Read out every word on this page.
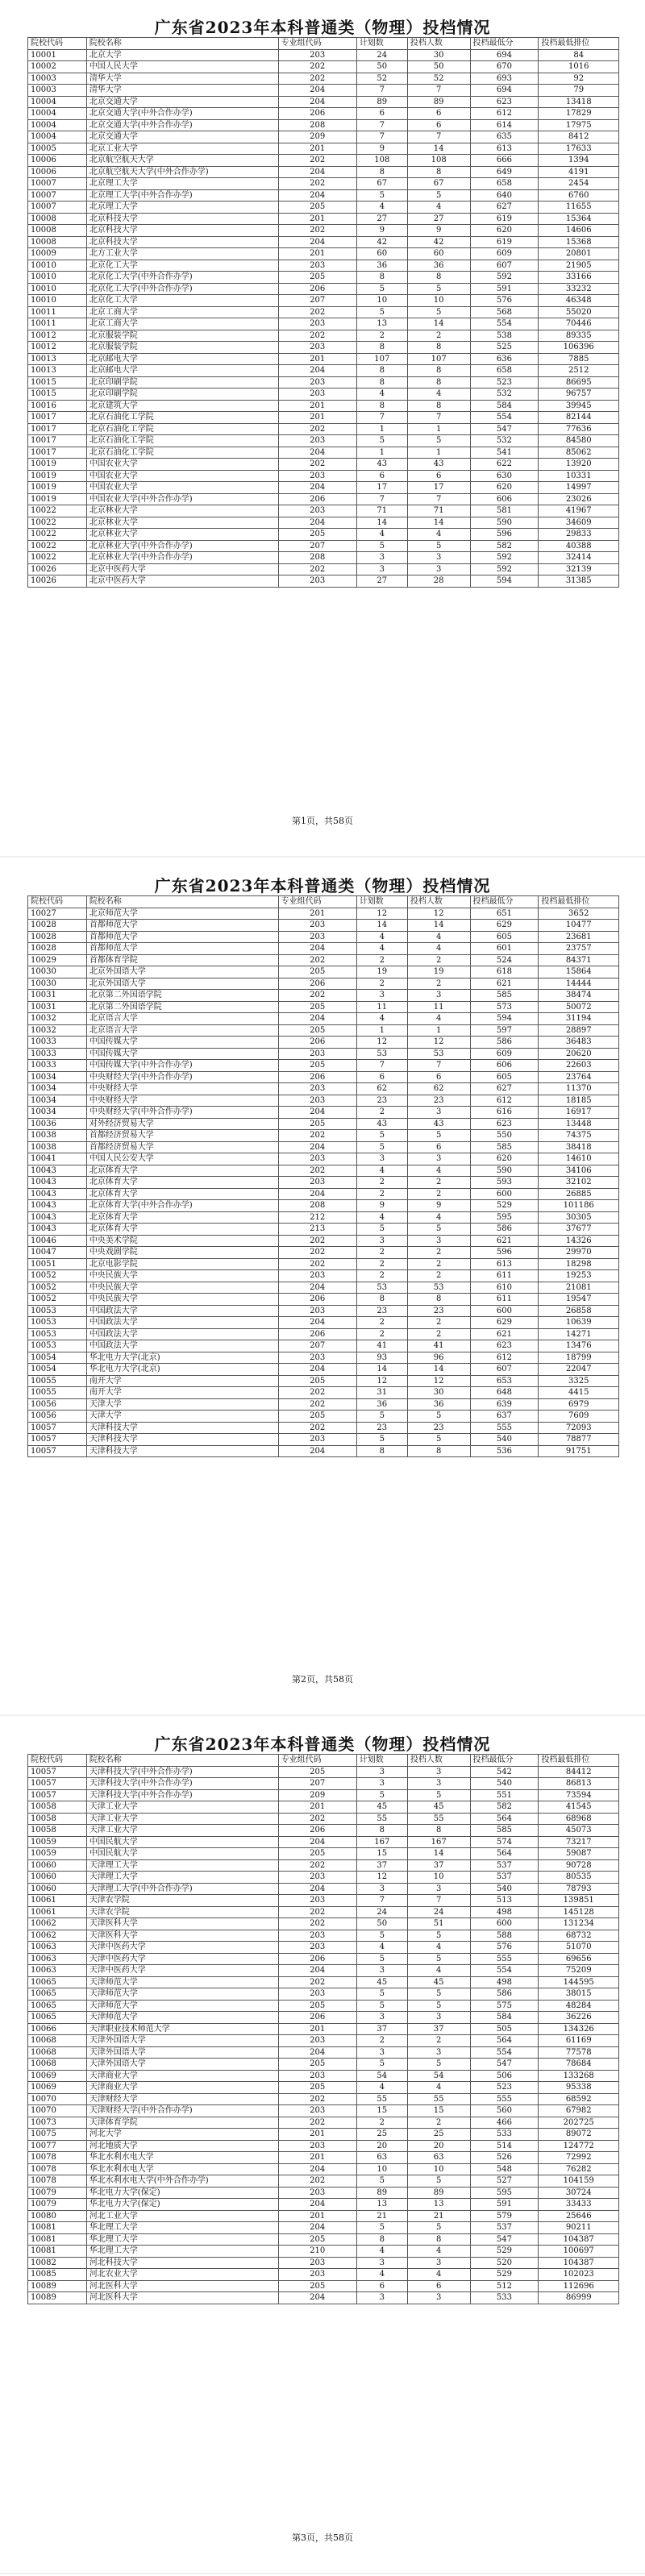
广东省2023年本科普通类（物理）投档情况
院校代码	院校名称	专业组代码	计划数	投档人数	投档最低分	投档最低排位
10001	北京大学	203	24	30	694	84
10002	中国人民大学	202	50	50	670	1016
10003	清华大学	202	52	52	693	92
10003	清华大学	204	7	7	694	79
10004	北京交通大学	204	89	89	623	13418
10004	北京交通大学(中外合作办学)	206	6	6	612	17829
10004	北京交通大学(中外合作办学)	208	7	6	614	17975
10004	北京交通大学	209	7	7	635	8412
10005	北京工业大学	201	9	14	613	17633
10006	北京航空航天大学	202	108	108	666	1394
10006	北京航空航天大学(中外合作办学)	204	8	8	649	4191
10007	北京理工大学	202	67	67	658	2454
10007	北京理工大学(中外合作办学)	204	5	5	640	6760
10007	北京理工大学	205	4	4	627	11655
10008	北京科技大学	201	27	27	619	15364
10008	北京科技大学	202	9	9	620	14606
10008	北京科技大学	204	42	42	619	15368
10009	北方工业大学	201	60	60	609	20801
10010	北京化工大学	203	36	36	607	21905
10010	北京化工大学(中外合作办学)	205	8	8	592	33166
10010	北京化工大学(中外合作办学)	206	5	5	591	33232
10010	北京化工大学	207	10	10	576	46348
10011	北京工商大学	202	5	5	568	55020
10011	北京工商大学	203	13	14	554	70446
10012	北京服装学院	202	2	2	538	89335
10012	北京服装学院	203	8	8	525	106396
10013	北京邮电大学	201	107	107	636	7885
10013	北京邮电大学	204	8	8	658	2512
10015	北京印刷学院	203	8	8	523	86695
10015	北京印刷学院	203	4	4	532	96757
10016	北京建筑大学	201	8	8	584	39945
10017	北京石油化工学院	201	7	7	554	82144
10017	北京石油化工学院	202	1	1	547	77636
10017	北京石油化工学院	203	5	5	532	84580
10017	北京石油化工学院	204	1	1	541	85062
10019	中国农业大学	202	43	43	622	13920
10019	中国农业大学	203	6	6	630	10331
10019	中国农业大学	204	17	17	620	14997
10019	中国农业大学(中外合作办学)	206	7	7	606	23026
10022	北京林业大学	203	71	71	581	41967
10022	北京林业大学	204	14	14	590	34609
10022	北京林业大学	205	4	4	596	29833
10022	北京林业大学(中外合作办学)	207	5	5	582	40388
10022	北京林业大学(中外合作办学)	208	3	3	592	32414
10026	北京中医药大学	202	3	3	592	32139
10026	北京中医药大学	203	27	28	594	31385
第1页，共58页
广东省2023年本科普通类（物理）投档情况
院校代码	院校名称	专业组代码	计划数	投档人数	投档最低分	投档最低排位
10027	北京师范大学	201	12	12	651	3652
10028	首都师范大学	203	14	14	629	10477
10028	首都师范大学	203	4	4	605	23681
10028	首都师范大学	204	4	4	601	23757
10029	首都体育学院	202	2	2	524	84371
10030	北京外国语大学	205	19	19	618	15864
10030	北京外国语大学	206	2	2	621	14444
10031	北京第二外国语学院	202	3	3	585	38474
10031	北京第二外国语学院	205	11	11	573	50072
10032	北京语言大学	204	4	4	594	31194
10032	北京语言大学	205	1	1	597	28897
10033	中国传媒大学	206	12	12	586	36483
10033	中国传媒大学	203	53	53	609	20620
10033	中国传媒大学(中外合作办学)	205	7	7	606	22603
10034	中央财经大学(中外合作办学)	206	6	6	605	23764
10034	中央财经大学	203	62	62	627	11370
10034	中央财经大学	203	23	23	612	18185
10034	中央财经大学(中外合作办学)	204	2	3	616	16917
10036	对外经济贸易大学	205	43	43	623	13448
10038	首都经济贸易大学	202	5	5	550	74375
10038	首都经济贸易大学	204	5	6	585	38418
10041	中国人民公安大学	203	3	3	620	14610
10043	北京体育大学	202	4	4	590	34106
10043	北京体育大学	203	2	2	593	32102
10043	北京体育大学	204	2	2	600	26885
10043	北京体育大学(中外合作办学)	208	9	9	529	101186
10043	北京体育大学	212	4	4	595	30305
10043	北京体育大学	213	5	5	586	37677
10046	中央美术学院	202	3	3	621	14326
10047	中央戏剧学院	202	2	2	596	29970
10051	北京电影学院	202	2	2	613	18298
10052	中央民族大学	203	2	2	611	19253
10052	中央民族大学	204	53	53	610	21081
10052	中央民族大学	206	8	8	611	19547
10053	中国政法大学	203	23	23	600	26858
10053	中国政法大学	204	2	2	629	10639
10053	中国政法大学	206	2	2	621	14271
10053	中国政法大学	207	41	41	623	13476
10054	华北电力大学(北京)	203	93	96	612	18799
10054	华北电力大学(北京)	204	14	14	607	22047
10055	南开大学	205	12	12	653	3325
10055	南开大学	202	31	30	648	4415
10056	天津大学	202	36	36	639	6979
10056	天津大学	205	5	5	637	7609
10057	天津科技大学	202	23	23	555	72093
10057	天津科技大学	203	5	5	540	78877
10057	天津科技大学	204	8	8	536	91751
第2页，共58页
广东省2023年本科普通类（物理）投档情况
院校代码	院校名称	专业组代码	计划数	投档人数	投档最低分	投档最低排位
10057	天津科技大学(中外合作办学)	205	3	3	542	84412
10057	天津科技大学(中外合作办学)	207	3	3	540	86813
10057	天津科技大学(中外合作办学)	209	5	5	551	73594
10058	天津工业大学	201	45	45	582	41545
10058	天津工业大学	202	55	55	564	68968
10058	天津工业大学	206	8	8	585	45073
10059	中国民航大学	204	167	167	574	73217
10059	中国民航大学	205	15	14	564	59087
10060	天津理工大学	202	37	37	537	90728
10060	天津理工大学	203	12	10	537	80535
10060	天津理工大学(中外合作办学)	204	3	3	540	78793
10061	天津农学院	203	7	7	513	139851
10061	天津农学院	202	24	24	498	145128
10062	天津医科大学	202	50	51	600	131234
10062	天津医科大学	203	5	5	588	68732
10063	天津中医药大学	203	4	4	576	51070
10063	天津中医药大学	206	5	5	555	69656
10063	天津中医药大学	204	3	4	554	75209
10065	天津师范大学	202	45	45	498	144595
10065	天津师范大学	203	5	5	586	38015
10065	天津师范大学	205	5	5	575	48284
10065	天津师范大学	206	3	3	584	36226
10066	天津职业技术师范大学	201	37	37	505	134326
10068	天津外国语大学	203	2	2	564	61169
10068	天津外国语大学	204	3	3	554	77578
10068	天津外国语大学	205	5	5	547	78684
10069	天津商业大学	203	54	54	506	133268
10069	天津商业大学	205	4	4	523	95338
10070	天津财经大学	202	55	55	555	68592
10070	天津财经大学(中外合作办学)	203	15	15	560	67982
10073	天津体育学院	202	2	2	466	202725
10075	河北大学	201	25	25	533	89072
10077	河北地质大学	203	20	20	514	124772
10078	华北水利水电大学	201	63	63	526	72992
10078	华北水利水电大学	204	10	10	548	76282
10078	华北水利水电大学(中外合作办学)	202	5	5	527	104159
10079	华北电力大学(保定)	203	89	89	595	30724
10079	华北电力大学(保定)	204	13	13	591	33433
10080	河北工业大学	201	21	21	579	25646
10081	华北理工大学	204	5	5	537	90211
10081	华北理工大学	205	8	8	547	104387
10081	华北理工大学	210	4	4	529	100697
10082	河北科技大学	203	3	3	520	104387
10085	河北农业大学	203	4	4	529	102023
10089	河北医科大学	205	6	6	512	112696
10089	河北医科大学	204	3	3	533	86999
第3页，共58页
